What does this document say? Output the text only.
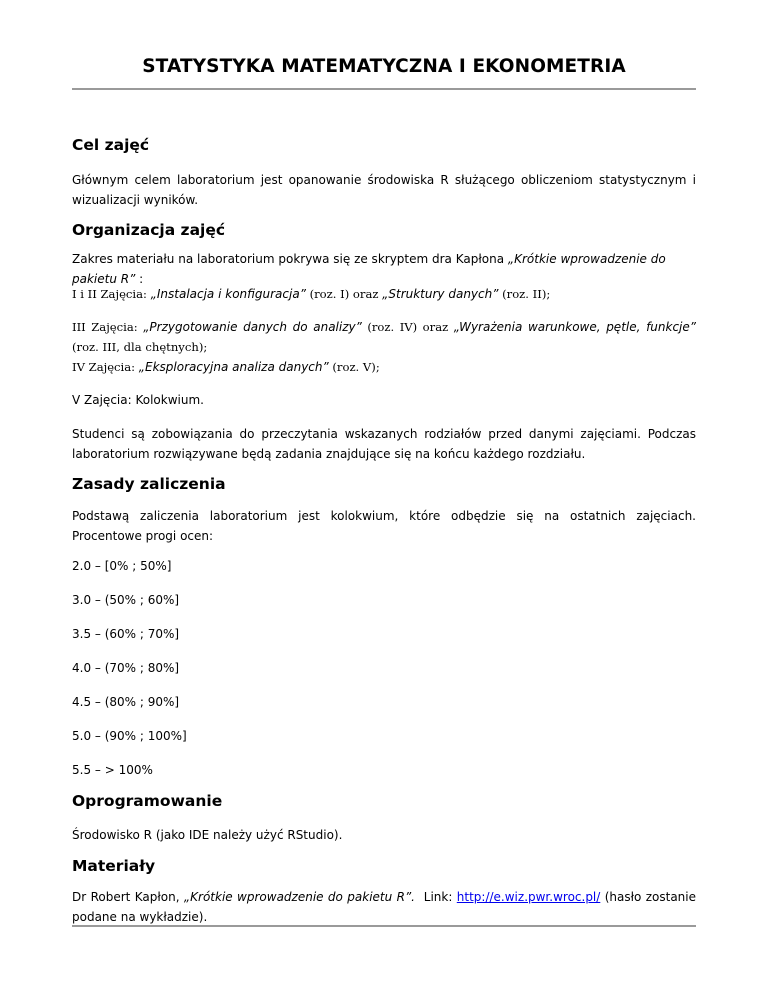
STATYSTYKA MATEMATYCZNA I EKONOMETRIA
Cel zajęć

Głównym celem laboratorium jest opanowanie środowiska R służącego obliczeniom statystycznym i wizualizacji wyników.

Organizacja zajęć

Zakres materiału na laboratorium pokrywa się ze skryptem dra Kapłona „Krótkie wprowadzenie do pakietu R” :

I i II Zajęcia: „Instalacja i konfiguracja” (roz. I) oraz „Struktury danych” (roz. II);

III Zajęcia: „Przygotowanie danych do analizy” (roz. IV) oraz „Wyrażenia warunkowe, pętle, funkcje” (roz. III, dla chętnych);

IV Zajęcia: „Eksploracyjna analiza danych” (roz. V);

V Zajęcia: Kolokwium.

Studenci są zobowiązania do przeczytania wskazanych rodziałów przed danymi zajęciami. Podczas laboratorium rozwiązywane będą zadania znajdujące się na końcu każdego rozdziału.

Zasady zaliczenia

Podstawą zaliczenia laboratorium jest kolokwium, które odbędzie się na ostatnich zajęciach. Procentowe progi ocen:

2.0 – [0% ; 50%]

3.0 – (50% ; 60%]

3.5 – (60% ; 70%]

4.0 – (70% ; 80%]

4.5 – (80% ; 90%]

5.0 – (90% ; 100%]

5.5 – > 100%

Oprogramowanie

Środowisko R (jako IDE należy użyć RStudio).

Materiały

Dr Robert Kapłon, „Krótkie wprowadzenie do pakietu R”.  Link: http://e.wiz.pwr.wroc.pl/ (hasło zostanie podane na wykładzie).
